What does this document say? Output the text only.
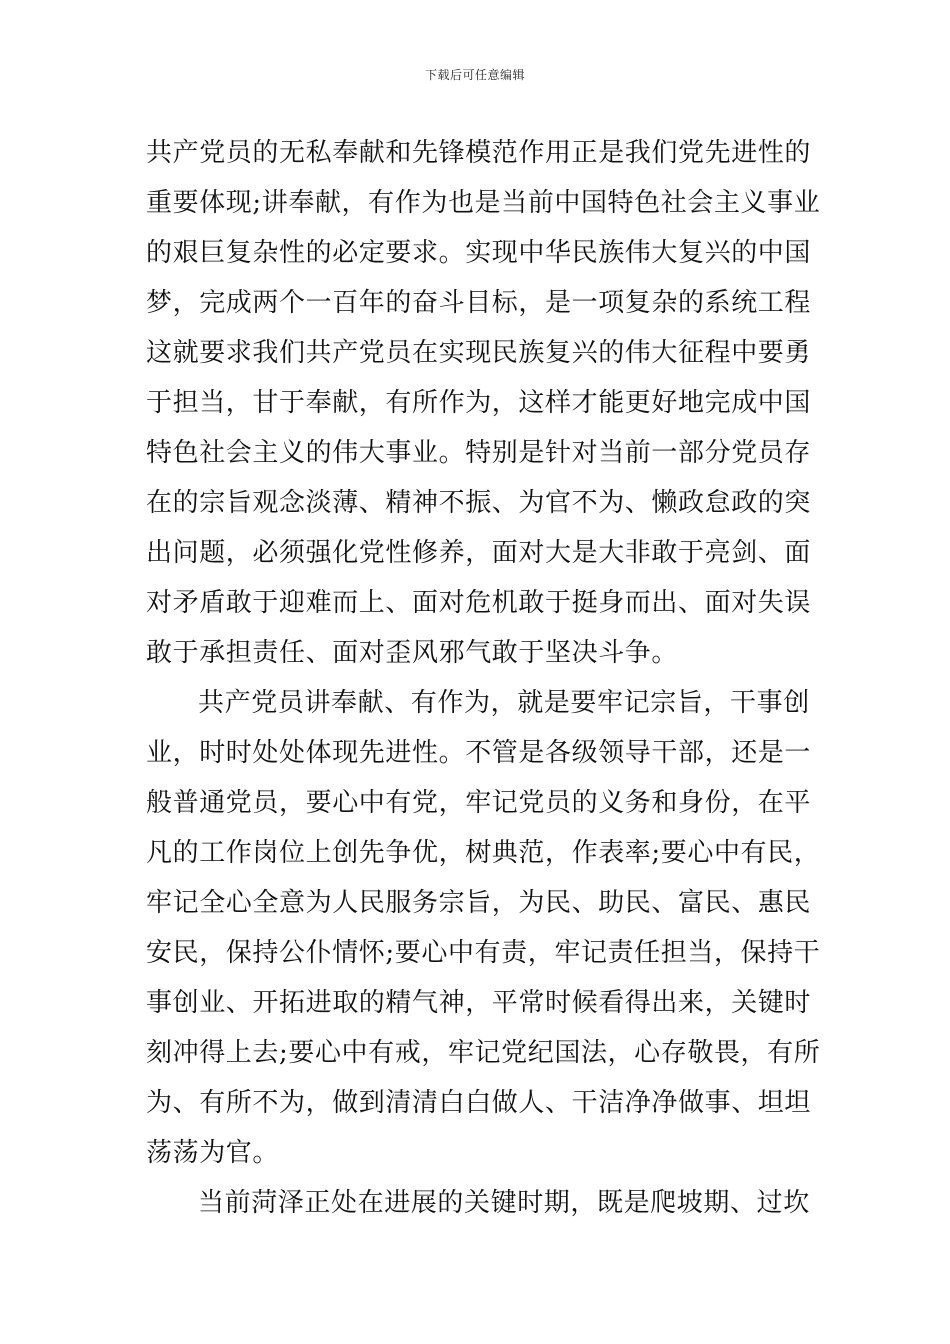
下载后可任意编辑
共产党员的无私奉献和先锋模范作用正是我们党先进性的
重要体现;讲奉献，有作为也是当前中国特色社会主义事业
的艰巨复杂性的必定要求。实现中华民族伟大复兴的中国
梦，完成两个一百年的奋斗目标，是一项复杂的系统工程
这就要求我们共产党员在实现民族复兴的伟大征程中要勇
于担当，甘于奉献，有所作为，这样才能更好地完成中国
特色社会主义的伟大事业。特别是针对当前一部分党员存
在的宗旨观念淡薄、精神不振、为官不为、懒政怠政的突
出问题，必须强化党性修养，面对大是大非敢于亮剑、面
对矛盾敢于迎难而上、面对危机敢于挺身而出、面对失误
敢于承担责任、面对歪风邪气敢于坚决斗争。
共产党员讲奉献、有作为，就是要牢记宗旨，干事创
业，时时处处体现先进性。不管是各级领导干部，还是一
般普通党员，要心中有党，牢记党员的义务和身份，在平
凡的工作岗位上创先争优，树典范，作表率;要心中有民，
牢记全心全意为人民服务宗旨，为民、助民、富民、惠民
安民，保持公仆情怀;要心中有责，牢记责任担当，保持干
事创业、开拓进取的精气神，平常时候看得出来，关键时
刻冲得上去;要心中有戒，牢记党纪国法，心存敬畏，有所
为、有所不为，做到清清白白做人、干洁净净做事、坦坦
荡荡为官。
当前菏泽正处在进展的关键时期，既是爬坡期、过坎
